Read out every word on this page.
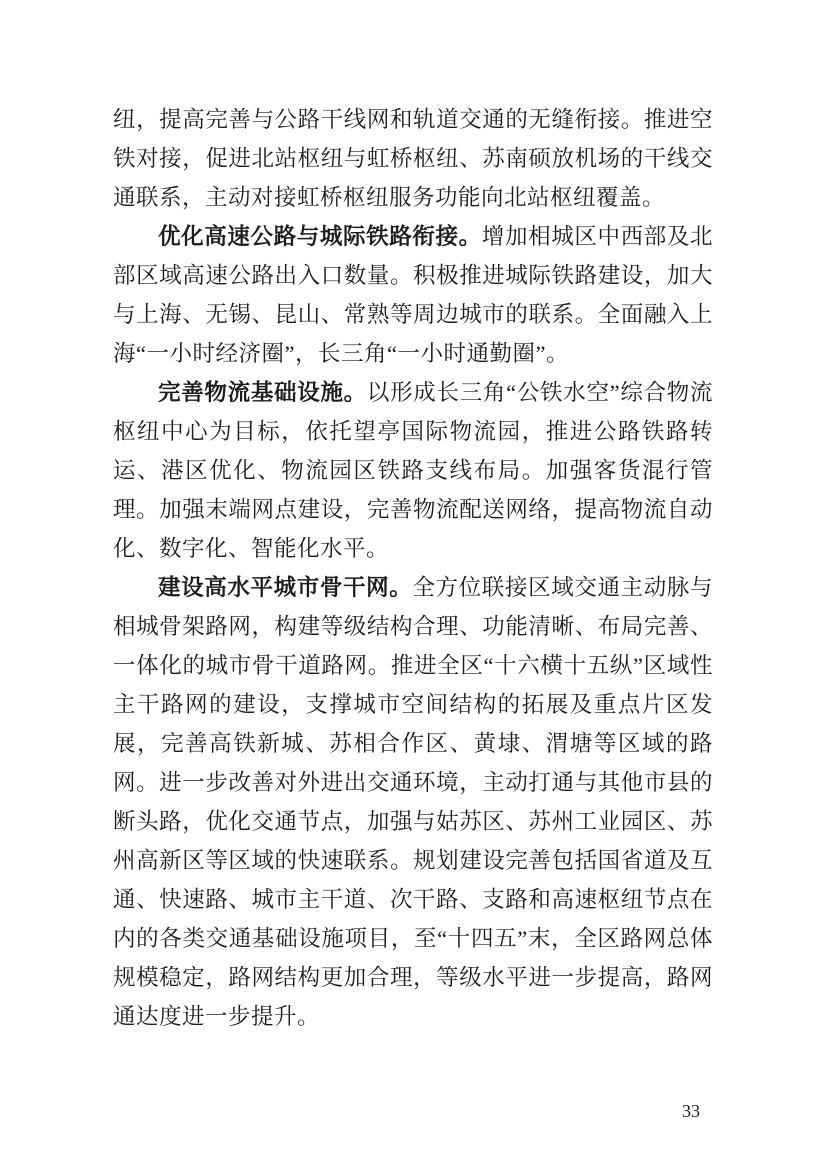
纽，提高完善与公路干线网和轨道交通的无缝衔接。推进空铁对接，促进北站枢纽与虹桥枢纽、苏南硕放机场的干线交通联系，主动对接虹桥枢纽服务功能向北站枢纽覆盖。

优化高速公路与城际铁路衔接。增加相城区中西部及北部区域高速公路出入口数量。积极推进城际铁路建设，加大与上海、无锡、昆山、常熟等周边城市的联系。全面融入上海“一小时经济圈”，长三角“一小时通勤圈”。

完善物流基础设施。以形成长三角“公铁水空”综合物流枢纽中心为目标，依托望亭国际物流园，推进公路铁路转运、港区优化、物流园区铁路支线布局。加强客货混行管理。加强末端网点建设，完善物流配送网络，提高物流自动化、数字化、智能化水平。

建设高水平城市骨干网。全方位联接区域交通主动脉与相城骨架路网，构建等级结构合理、功能清晰、布局完善、一体化的城市骨干道路网。推进全区“十六横十五纵”区域性主干路网的建设，支撑城市空间结构的拓展及重点片区发展，完善高铁新城、苏相合作区、黄埭、渭塘等区域的路网。进一步改善对外进出交通环境，主动打通与其他市县的断头路，优化交通节点，加强与姑苏区、苏州工业园区、苏州高新区等区域的快速联系。规划建设完善包括国省道及互通、快速路、城市主干道、次干路、支路和高速枢纽节点在内的各类交通基础设施项目，至“十四五”末，全区路网总体规模稳定，路网结构更加合理，等级水平进一步提高，路网通达度进一步提升。

33
